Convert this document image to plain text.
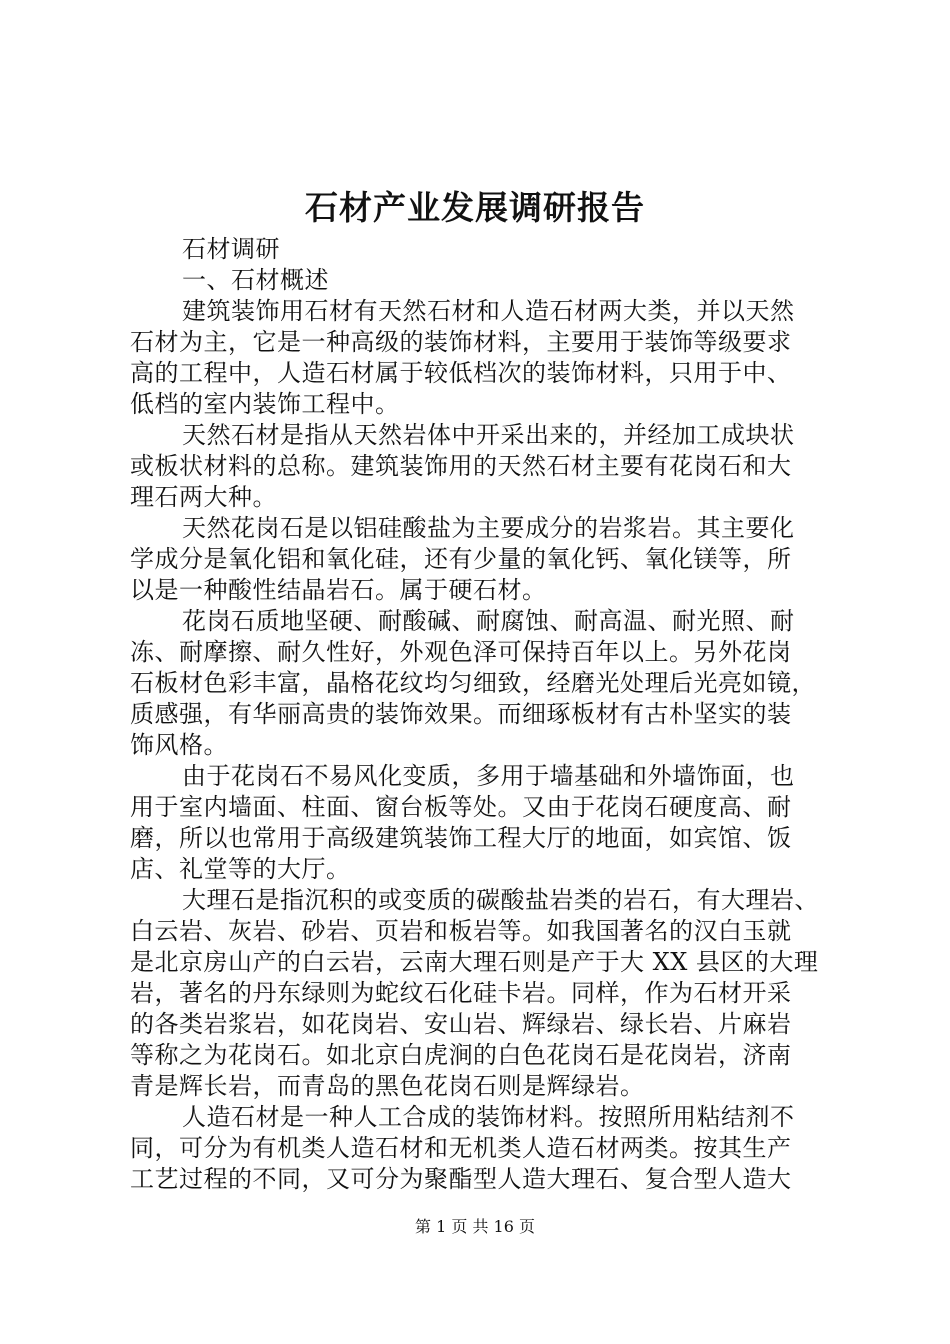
石材产业发展调研报告

石材调研

一、石材概述

建筑装饰用石材有天然石材和人造石材两大类，并以天然

石材为主，它是一种高级的装饰材料，主要用于装饰等级要求

高的工程中，人造石材属于较低档次的装饰材料，只用于中、

低档的室内装饰工程中。

天然石材是指从天然岩体中开采出来的，并经加工成块状

或板状材料的总称。建筑装饰用的天然石材主要有花岗石和大

理石两大种。

天然花岗石是以铝硅酸盐为主要成分的岩浆岩。其主要化

学成分是氧化铝和氧化硅，还有少量的氧化钙、氧化镁等，所

以是一种酸性结晶岩石。属于硬石材。

花岗石质地坚硬、耐酸碱、耐腐蚀、耐高温、耐光照、耐

冻、耐摩擦、耐久性好，外观色泽可保持百年以上。另外花岗

石板材色彩丰富，晶格花纹均匀细致，经磨光处理后光亮如镜，

质感强，有华丽高贵的装饰效果。而细琢板材有古朴坚实的装

饰风格。

由于花岗石不易风化变质，多用于墙基础和外墙饰面，也

用于室内墙面、柱面、窗台板等处。又由于花岗石硬度高、耐

磨，所以也常用于高级建筑装饰工程大厅的地面，如宾馆、饭

店、礼堂等的大厅。

大理石是指沉积的或变质的碳酸盐岩类的岩石，有大理岩、

白云岩、灰岩、砂岩、页岩和板岩等。如我国著名的汉白玉就

是北京房山产的白云岩，云南大理石则是产于大 XX 县区的大理

岩，著名的丹东绿则为蛇纹石化硅卡岩。同样，作为石材开采

的各类岩浆岩，如花岗岩、安山岩、辉绿岩、绿长岩、片麻岩

等称之为花岗石。如北京白虎涧的白色花岗石是花岗岩，济南

青是辉长岩，而青岛的黑色花岗石则是辉绿岩。

人造石材是一种人工合成的装饰材料。按照所用粘结剂不

同，可分为有机类人造石材和无机类人造石材两类。按其生产

工艺过程的不同，又可分为聚酯型人造大理石、复合型人造大

第 1 页 共 16 页
